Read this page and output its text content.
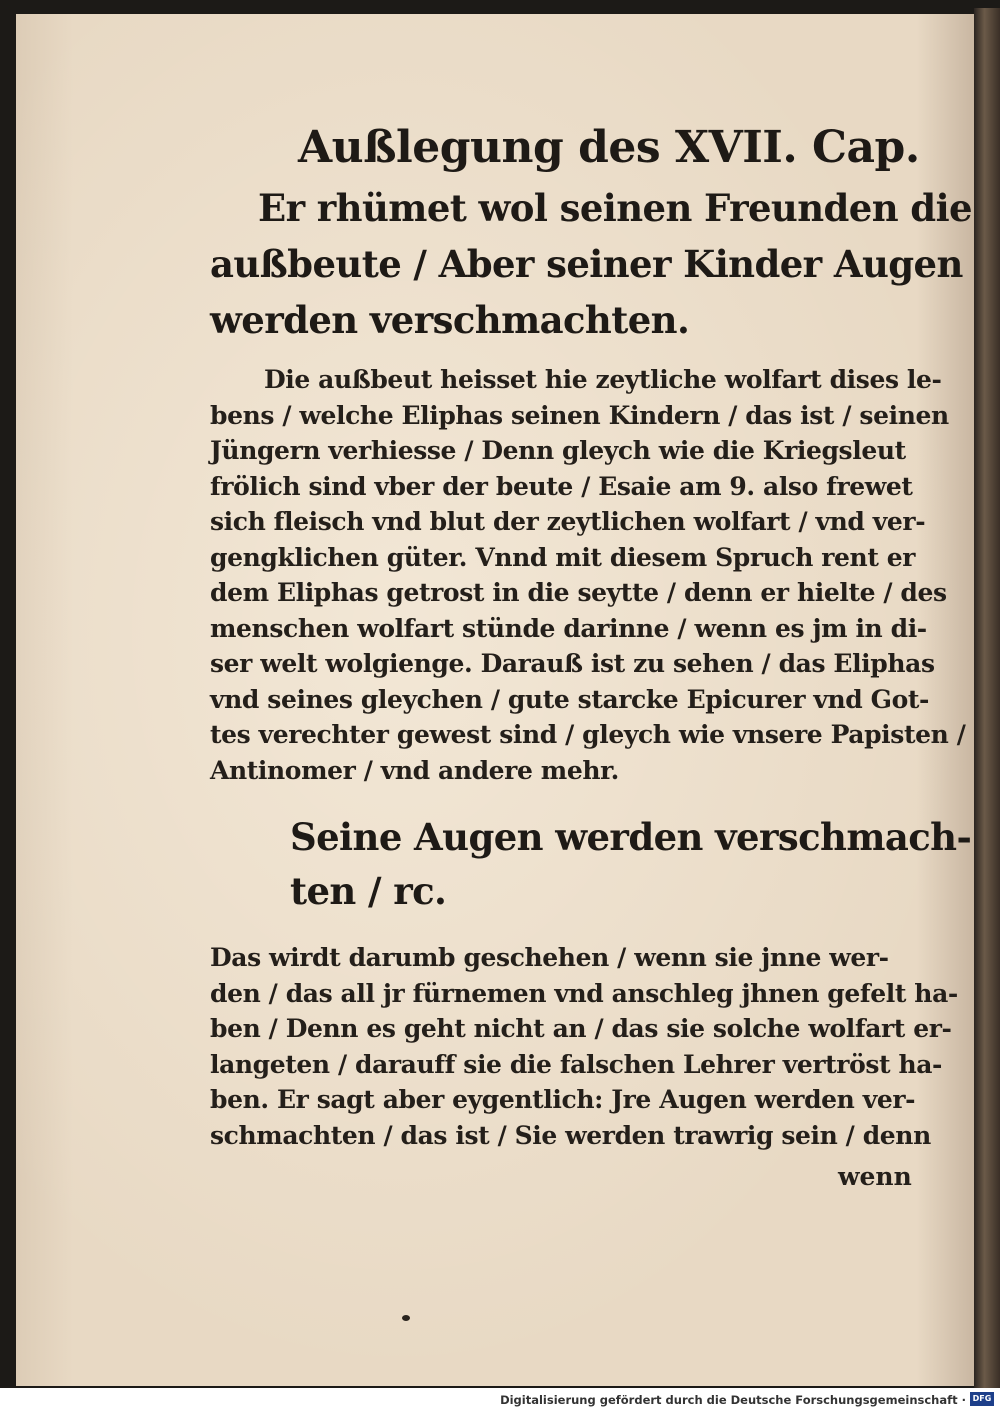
Außlegung des XVII. Cap.
Er rhümet wol seinen Freunden die
außbeute / Aber seiner Kinder Augen
werden verschmachten.
Die außbeut heisset hie zeytliche wolfart dises le-
bens / welche Eliphas seinen Kindern / das ist / seinen
Jüngern verhiesse / Denn gleych wie die Kriegsleut
frölich sind vber der beute / Esaie am 9. also frewet
sich fleisch vnd blut der zeytlichen wolfart / vnd ver-
gengklichen güter. Vnnd mit diesem Spruch rent er
dem Eliphas getrost in die seytte / denn er hielte / des
menschen wolfart stünde darinne / wenn es jm in di-
ser welt wolgienge. Darauß ist zu sehen / das Eliphas
vnd seines gleychen / gute starcke Epicurer vnd Got-
tes verechter gewest sind / gleych wie vnsere Papisten /
Antinomer / vnd andere mehr.
Seine Augen werden verschmach-
ten / rc.
Das wirdt darumb geschehen / wenn sie jnne wer-
den / das all jr fürnemen vnd anschleg jhnen gefelt ha-
ben / Denn es geht nicht an / das sie solche wolfart er-
langeten / darauff sie die falschen Lehrer vertröst ha-
ben. Er sagt aber eygentlich: Jre Augen werden ver-
schmachten / das ist / Sie werden trawrig sein / denn
wenn
Digitalisierung gefördert durch die Deutsche Forschungsgemeinschaft · DFG
